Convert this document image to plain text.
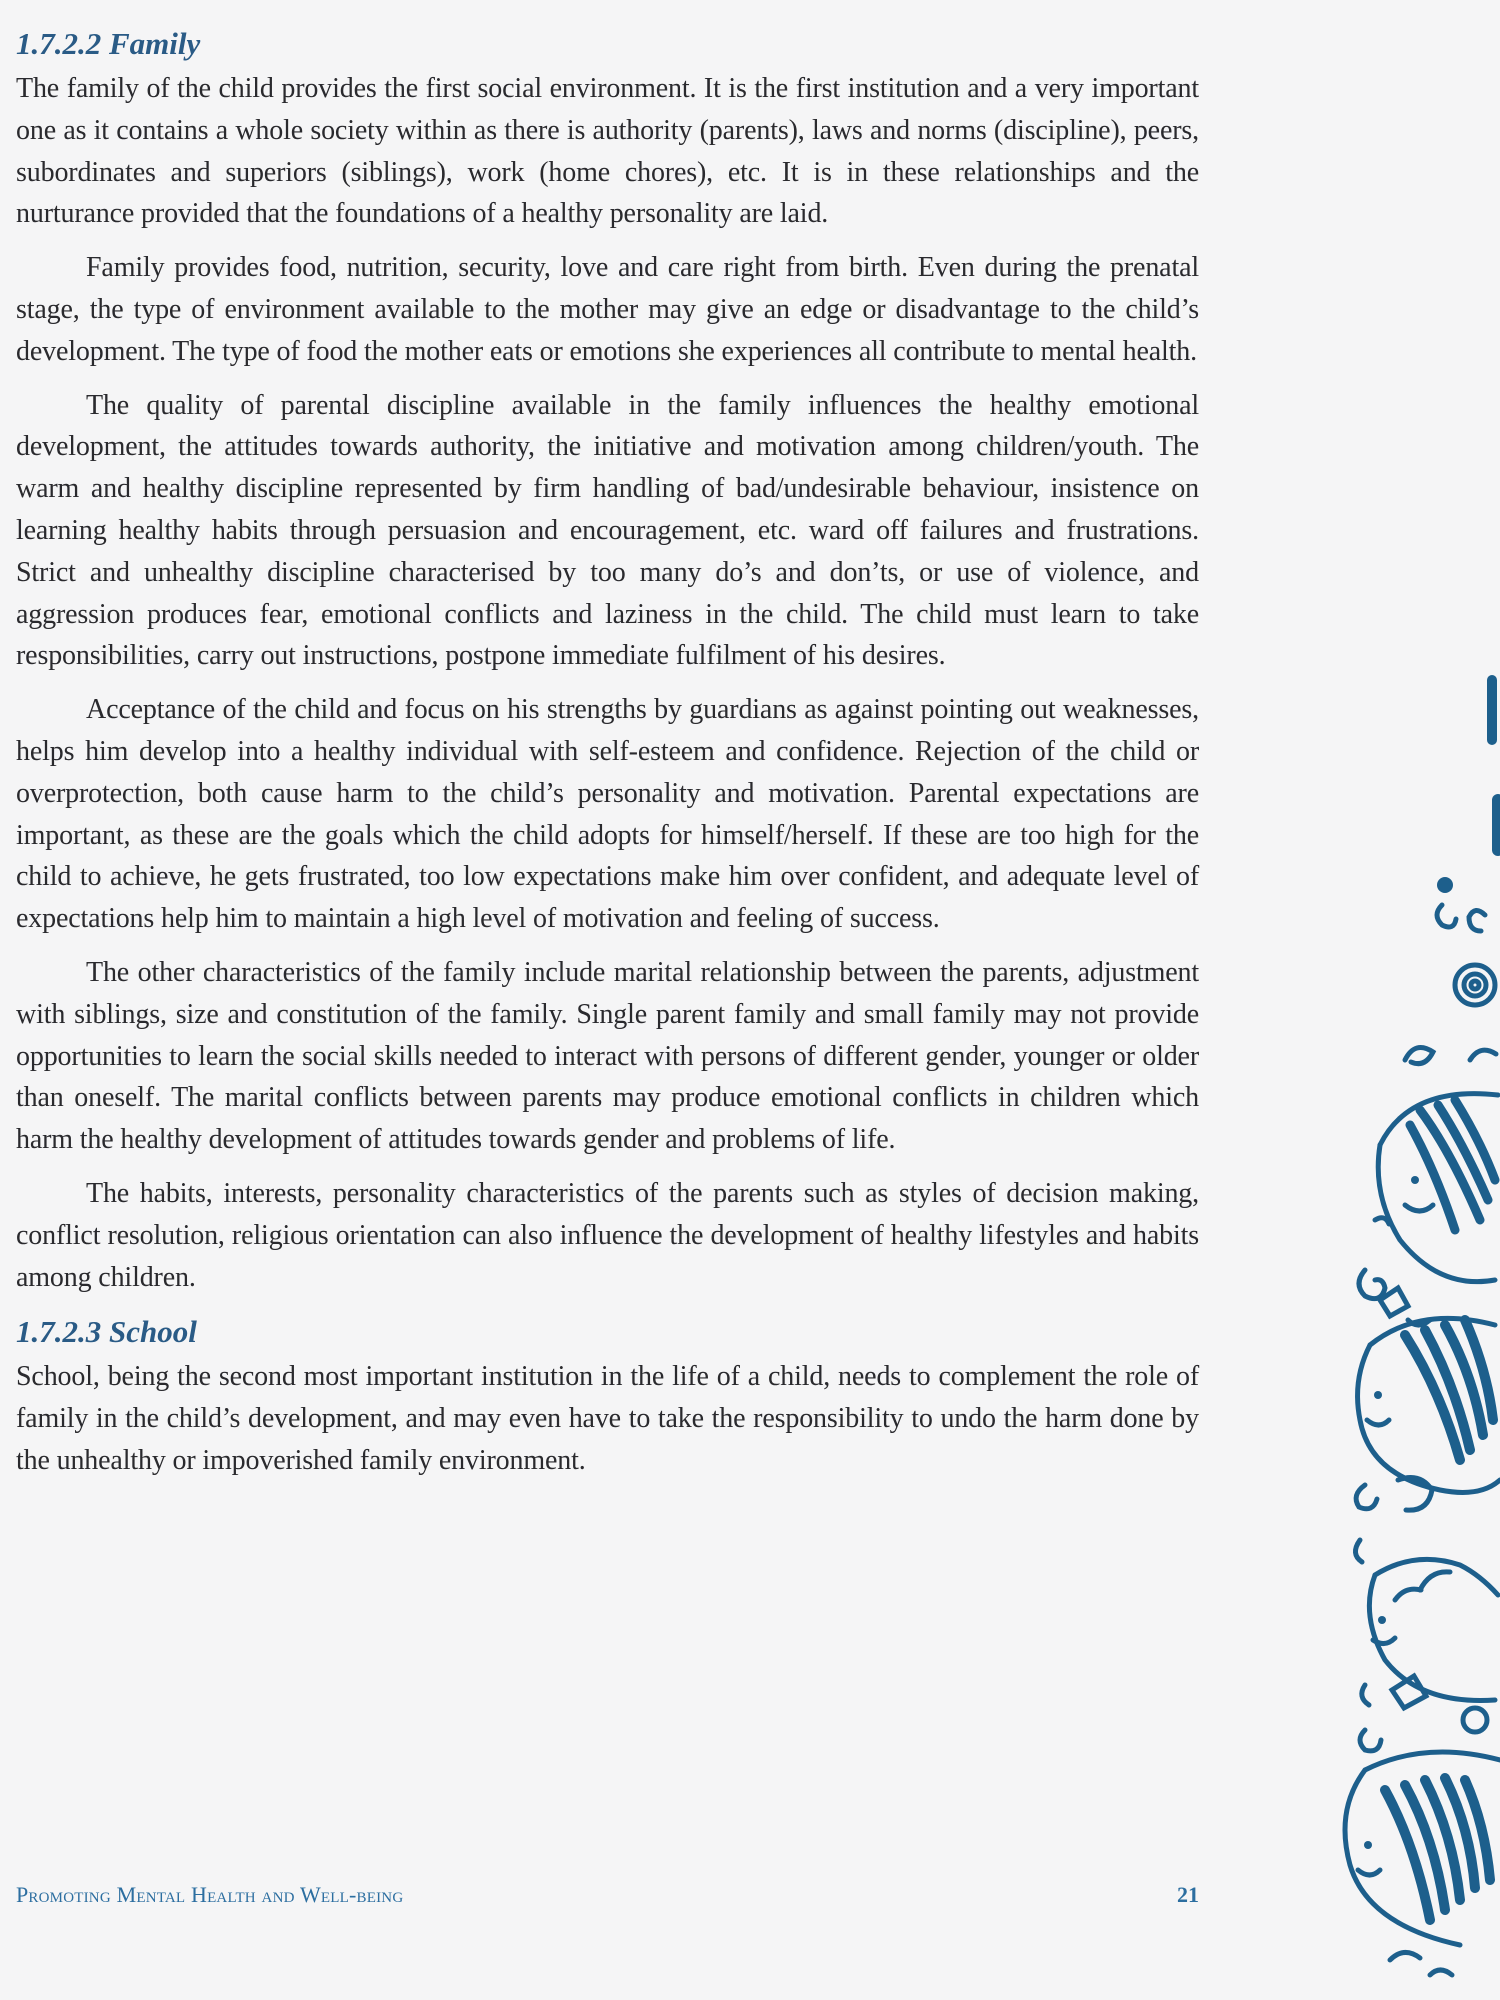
1.7.2.2 Family

The family of the child provides the first social environment. It is the first institution and a very important one as it contains a whole society within as there is authority (parents), laws and norms (discipline), peers, subordinates and superiors (siblings), work (home chores), etc. It is in these relationships and the nurturance provided that the foundations of a healthy personality are laid.

Family provides food, nutrition, security, love and care right from birth. Even during the prenatal stage, the type of environment available to the mother may give an edge or disadvantage to the child’s development. The type of food the mother eats or emotions she experiences all contribute to mental health.

The quality of parental discipline available in the family influences the healthy emotional development, the attitudes towards authority, the initiative and motivation among children/youth. The warm and healthy discipline represented by firm handling of bad/undesirable behaviour, insistence on learning healthy habits through persuasion and encouragement, etc. ward off failures and frustrations. Strict and unhealthy discipline characterised by too many do’s and don’ts, or use of violence, and aggression produces fear, emotional conflicts and laziness in the child. The child must learn to take responsibilities, carry out instructions, postpone immediate fulfilment of his desires.

Acceptance of the child and focus on his strengths by guardians as against pointing out weaknesses, helps him develop into a healthy individual with self-esteem and confidence. Rejection of the child or overprotection, both cause harm to the child’s personality and motivation. Parental expectations are important, as these are the goals which the child adopts for himself/herself. If these are too high for the child to achieve, he gets frustrated, too low expectations make him over confident, and adequate level of expectations help him to maintain a high level of motivation and feeling of success.

The other characteristics of the family include marital relationship between the parents, adjustment with siblings, size and constitution of the family. Single parent family and small family may not provide opportunities to learn the social skills needed to interact with persons of different gender, younger or older than oneself. The marital conflicts between parents may produce emotional conflicts in children which harm the healthy development of attitudes towards gender and problems of life.

The habits, interests, personality characteristics of the parents such as styles of decision making, conflict resolution, religious orientation can also influence the development of healthy lifestyles and habits among children.

1.7.2.3 School

School, being the second most important institution in the life of a child, needs to complement the role of family in the child’s development, and may even have to take the responsibility to undo the harm done by the unhealthy or impoverished family environment.

Promoting Mental Health and Well-being	21
